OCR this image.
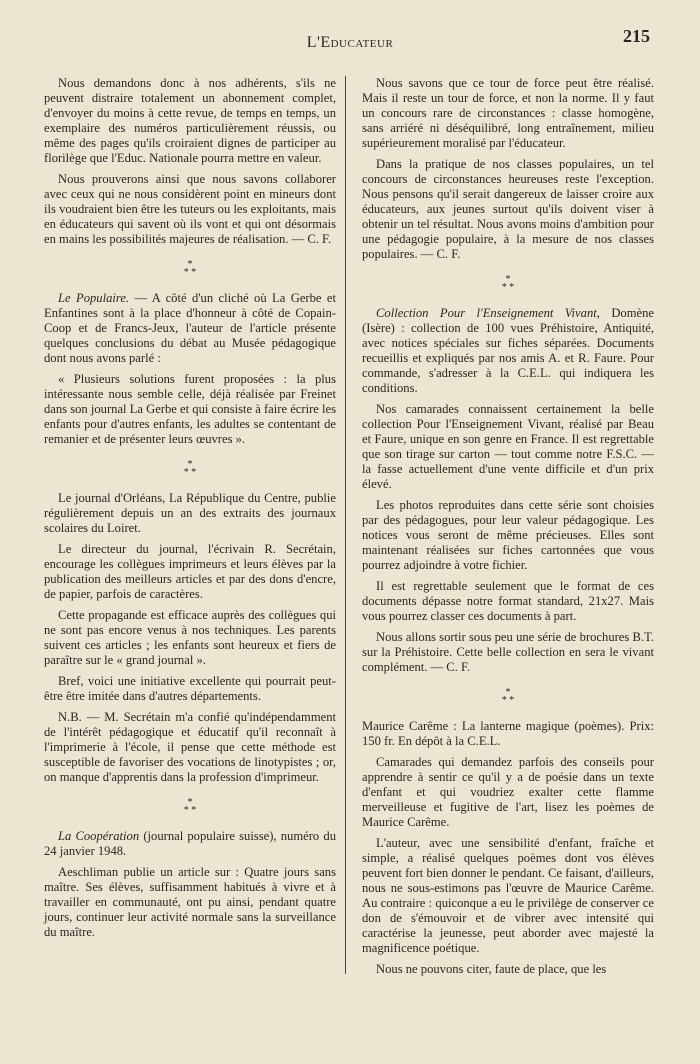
L'Educateur	215

Nous demandons donc à nos adhérents, s'ils ne peuvent distraire totalement un abonnement complet, d'envoyer du moins à cette revue, de temps en temps, un exemplaire des numéros particulièrement réussis, ou même des pages qu'ils croiraient dignes de participer au florilège que l'Educ. Nationale pourra mettre en valeur.

Nous prouverons ainsi que nous savons collaborer avec ceux qui ne nous considèrent point en mineurs dont ils voudraient bien être les tuteurs ou les exploitants, mais en éducateurs qui savent où ils vont et qui ont désormais en mains les possibilités majeures de réalisation. — C. F.

*
* *

Le Populaire. — A côté d'un cliché où La Gerbe et Enfantines sont à la place d'honneur à côté de Copain-Coop et de Francs-Jeux, l'auteur de l'article présente quelques conclusions du débat au Musée pédagogique dont nous avons parlé :

« Plusieurs solutions furent proposées : la plus intéressante nous semble celle, déjà réalisée par Freinet dans son journal La Gerbe et qui consiste à faire écrire les enfants pour d'autres enfants, les adultes se contentant de remanier et de présenter leurs œuvres ».

*
* *

Le journal d'Orléans, La République du Centre, publie régulièrement depuis un an des extraits des journaux scolaires du Loiret.

Le directeur du journal, l'écrivain R. Secrétain, encourage les collègues imprimeurs et leurs élèves par la publication des meilleurs articles et par des dons d'encre, de papier, parfois de caractères.

Cette propagande est efficace auprès des collègues qui ne sont pas encore venus à nos techniques. Les parents suivent ces articles ; les enfants sont heureux et fiers de paraître sur le « grand journal ».

Bref, voici une initiative excellente qui pourrait peut-être être imitée dans d'autres départements.

N.B. — M. Secrétain m'a confié qu'indépendamment de l'intérêt pédagogique et éducatif qu'il reconnaît à l'imprimerie à l'école, il pense que cette méthode est susceptible de favoriser des vocations de linotypistes ; or, on manque d'apprentis dans la profession d'imprimeur.

*
* *

La Coopération (journal populaire suisse), numéro du 24 janvier 1948.

Aeschliman publie un article sur : Quatre jours sans maître. Ses élèves, suffisamment habitués à vivre et à travailler en communauté, ont pu ainsi, pendant quatre jours, continuer leur activité normale sans la surveillance du maître.

Nous savons que ce tour de force peut être réalisé. Mais il reste un tour de force, et non la norme. Il y faut un concours rare de circonstances : classe homogène, sans arriéré ni déséquilibré, long entraînement, milieu supérieurement moralisé par l'éducateur.

Dans la pratique de nos classes populaires, un tel concours de circonstances heureuses reste l'exception. Nous pensons qu'il serait dangereux de laisser croire aux éducateurs, aux jeunes surtout qu'ils doivent viser à obtenir un tel résultat. Nous avons moins d'ambition pour une pédagogie populaire, à la mesure de nos classes populaires. — C. F.

*
* *

Collection Pour l'Enseignement Vivant, Domène (Isère) : collection de 100 vues Préhistoire, Antiquité, avec notices spéciales sur fiches séparées. Documents recueillis et expliqués par nos amis A. et R. Faure. Pour commande, s'adresser à la C.E.L. qui indiquera les conditions.

Nos camarades connaissent certainement la belle collection Pour l'Enseignement Vivant, réalisé par Beau et Faure, unique en son genre en France. Il est regrettable que son tirage sur carton — tout comme notre F.S.C. — la fasse actuellement d'une vente difficile et d'un prix élevé.

Les photos reproduites dans cette série sont choisies par des pédagogues, pour leur valeur pédagogique. Les notices vous seront de même précieuses. Elles sont maintenant réalisées sur fiches cartonnées que vous pourrez adjoindre à votre fichier.

Il est regrettable seulement que le format de ces documents dépasse notre format standard, 21x27. Mais vous pourrez classer ces documents à part.

Nous allons sortir sous peu une série de brochures B.T. sur la Préhistoire. Cette belle collection en sera le vivant complément. — C. F.

*
* *

Maurice Carême : La lanterne magique (poèmes). Prix: 150 fr. En dépôt à la C.E.L.

Camarades qui demandez parfois des conseils pour apprendre à sentir ce qu'il y a de poésie dans un texte d'enfant et qui voudriez exalter cette flamme merveilleuse et fugitive de l'art, lisez les poèmes de Maurice Carême.

L'auteur, avec une sensibilité d'enfant, fraîche et simple, a réalisé quelques poèmes dont vos élèves peuvent fort bien donner le pendant. Ce faisant, d'ailleurs, nous ne sous-estimons pas l'œuvre de Maurice Carême. Au contraire : quiconque a eu le privilège de conserver ce don de s'émouvoir et de vibrer avec intensité qui caractérise la jeunesse, peut aborder avec majesté la magnificence poétique.

Nous ne pouvons citer, faute de place, que les
